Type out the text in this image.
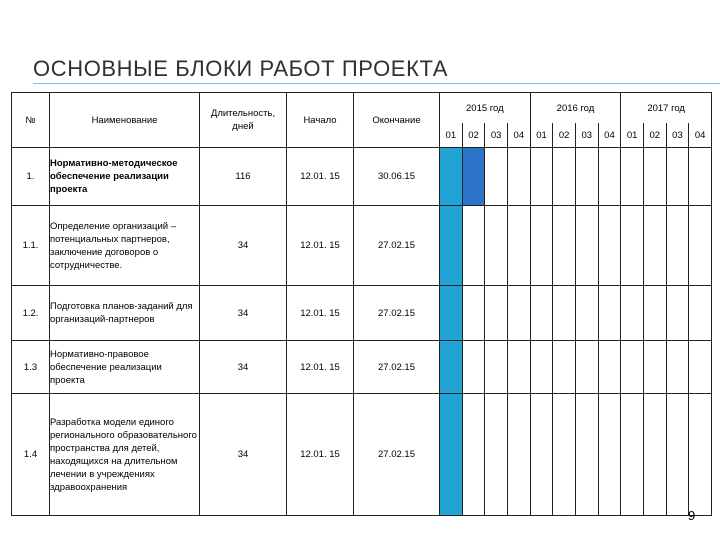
ОСНОВНЫЕ БЛОКИ РАБОТ ПРОЕКТА
№	Наименование	Длительность, дней	Начало	Окончание	2015 год				2016 год				2017 год			
					01	02	03	04	01	02	03	04	01	02	03	04
1.	Нормативно-методическое обеспечение реализации проекта	116	12.01. 15	30.06.15												
1.1.	Определение организаций –потенциальных партнеров, заключение договоров о сотрудничестве.	34	12.01. 15	27.02.15												
1.2.	Подготовка планов-заданий для организаций-партнеров	34	12.01. 15	27.02.15												
1.3	Нормативно-правовое обеспечение реализации проекта	34	12.01. 15	27.02.15												
1.4	Разработка модели единого регионального образовательного пространства для детей, находящихся на длительном лечении в учреждениях здравоохранения	34	12.01. 15	27.02.15												
9
